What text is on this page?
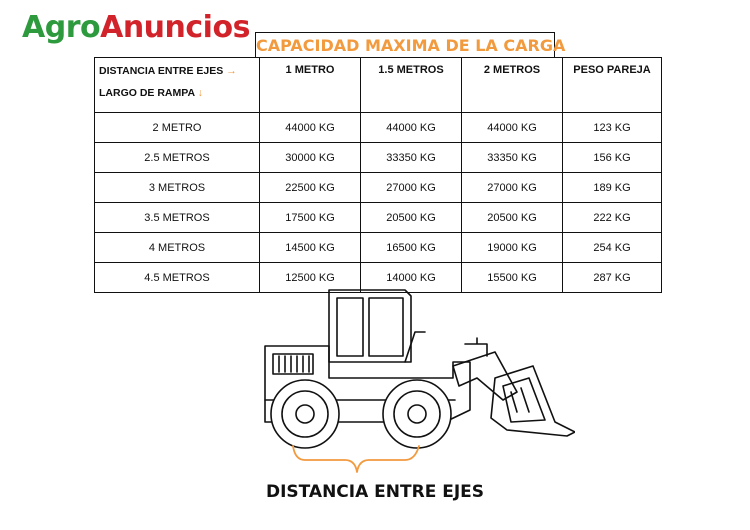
AgroAnuncios
CAPACIDAD MAXIMA DE LA CARGA
DISTANCIA ENTRE EJES →
LARGO DE RAMPA ↓	1 METRO	1.5 METROS	2 METROS	PESO PAREJA
2 METRO	44000 KG	44000 KG	44000 KG	123 KG
2.5 METROS	30000 KG	33350 KG	33350 KG	156 KG
3 METROS	22500 KG	27000 KG	27000 KG	189 KG
3.5 METROS	17500 KG	20500 KG	20500 KG	222 KG
4 METROS	14500 KG	16500 KG	19000 KG	254 KG
4.5 METROS	12500 KG	14000 KG	15500 KG	287 KG
DISTANCIA ENTRE EJES
